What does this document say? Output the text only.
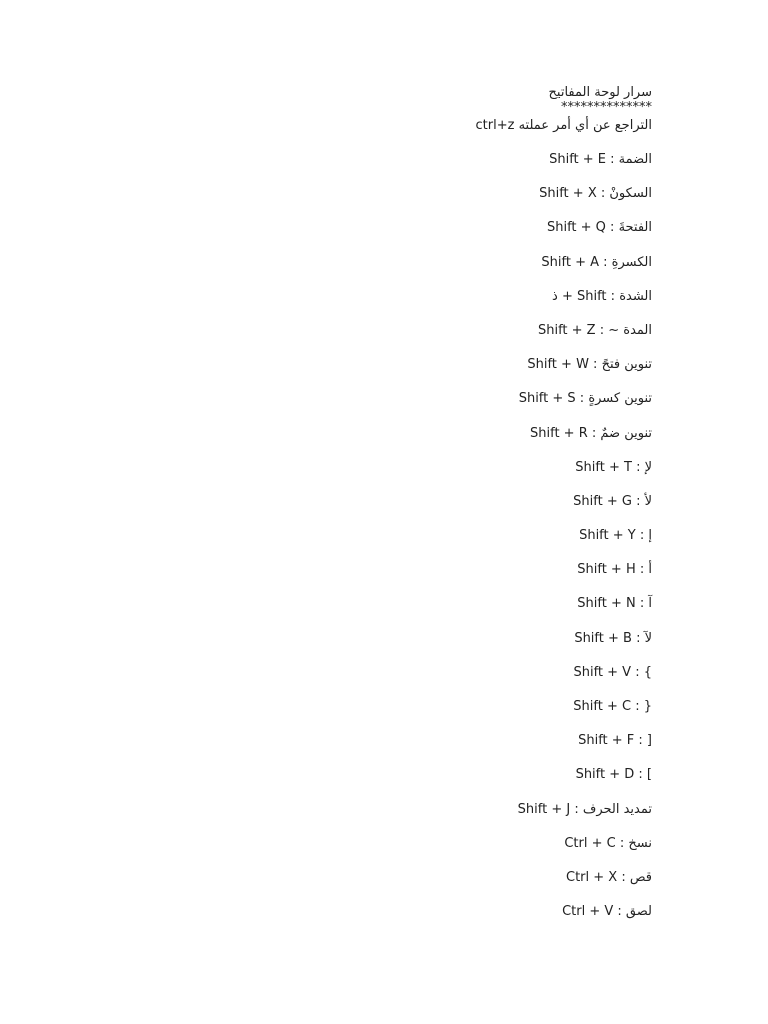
سرار لوحة المفاتيح
**************
التراجع عن أي أمر عملته ctrl+z
الضمة : Shift + E
السكونْ : Shift + X
الفتحةَ : Shift + Q
الكسرةِ : Shift + A
الشدة : Shift + ذ
المدة ~ : Shift + Z
تنوين فتحً : Shift + W
تنوين كسرةٍ : Shift + S
تنوين ضمٌ : Shift + R
لإ : Shift + T
لأ : Shift + G
إ : Shift + Y
أ : Shift + H
آ : Shift + N
لآ : Shift + B
} : Shift + V
{ : Shift + C
[ : Shift + F
] : Shift + D
تمديد الحرف : Shift + J
نسخ : Ctrl + C
قص : Ctrl + X
لصق : Ctrl + V
